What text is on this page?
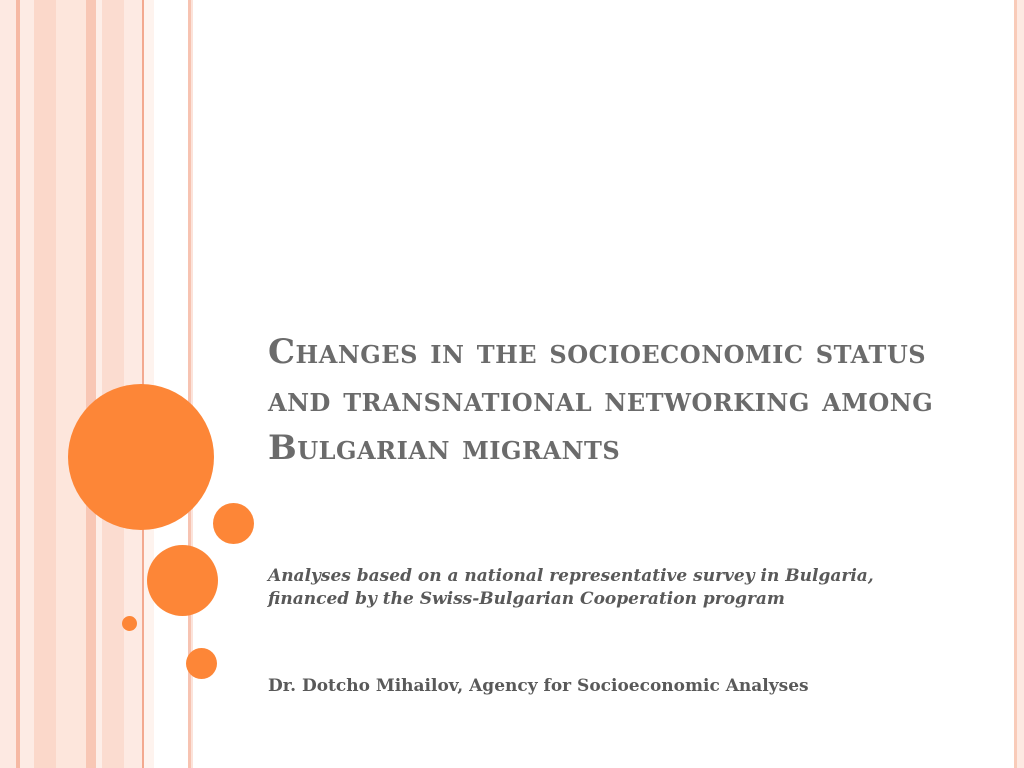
Changes in the socioeconomic status and transnational networking among Bulgarian migrants

Analyses based on a national representative survey in Bulgaria, financed by the Swiss-Bulgarian Cooperation program

Dr. Dotcho Mihailov, Agency for Socioeconomic Analyses
